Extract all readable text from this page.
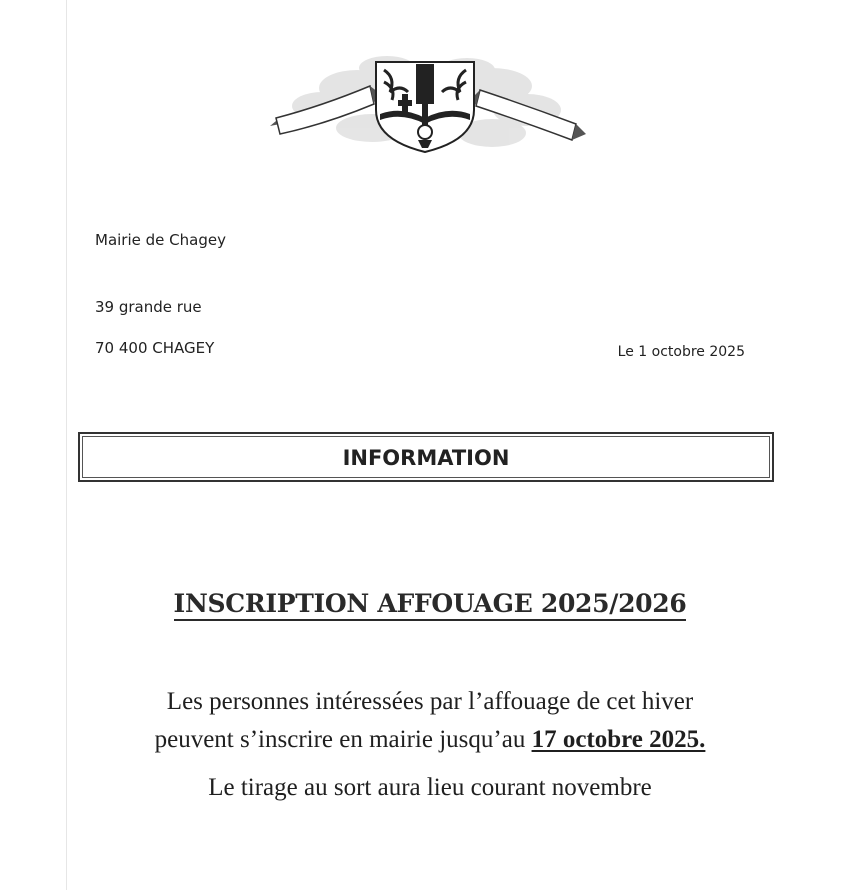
Mairie de Chagey
39 grande rue
70 400 CHAGEY	Le 1 octobre 2025
INFORMATION
INSCRIPTION AFFOUAGE 2025/2026
Les personnes intéressées par l’affouage de cet hiver
peuvent s’inscrire en mairie jusqu’au 17 octobre 2025.
Le tirage au sort aura lieu courant novembre
